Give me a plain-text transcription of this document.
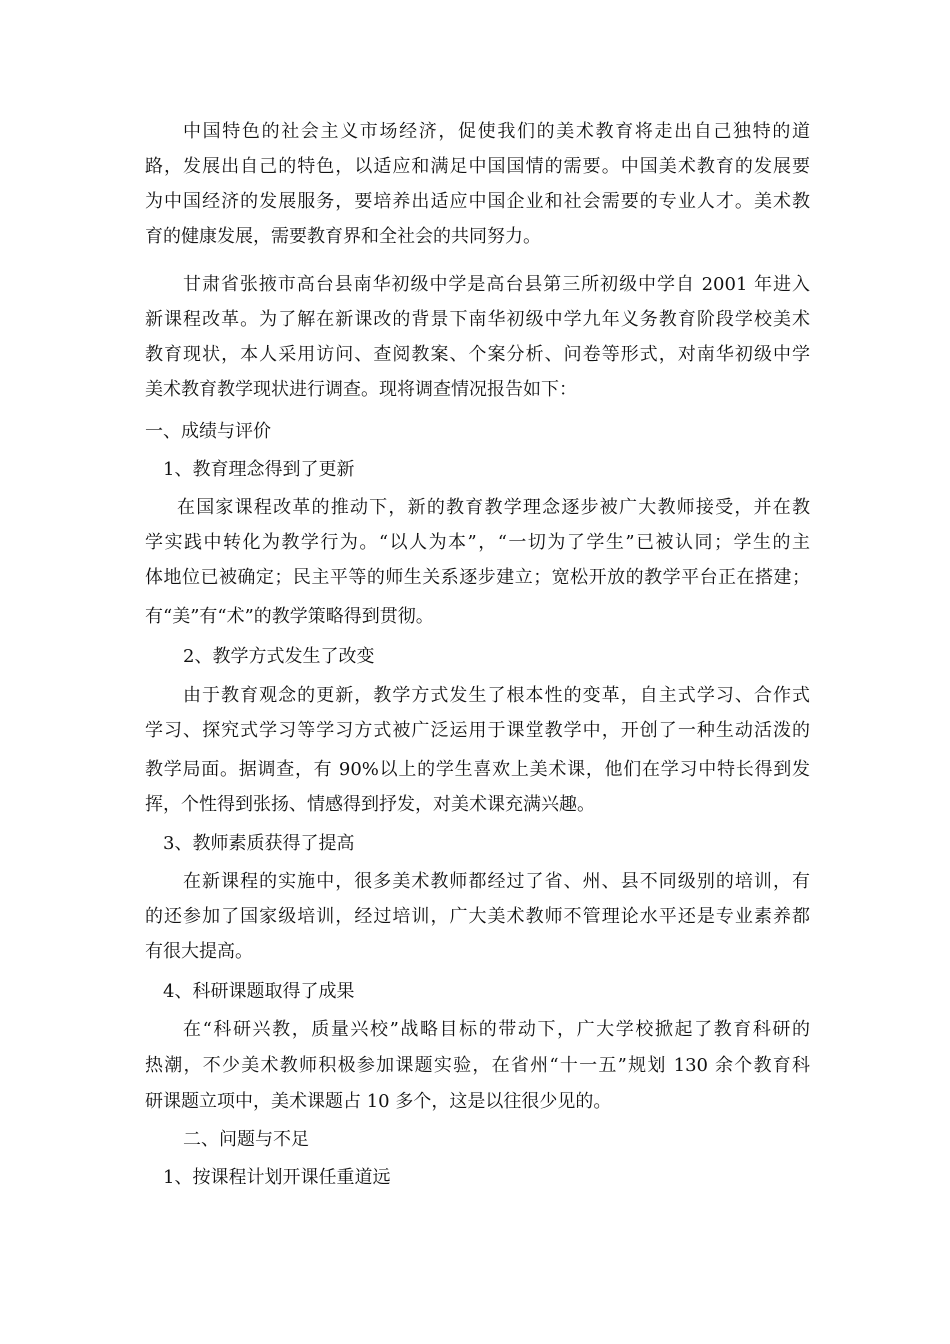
中国特色的社会主义市场经济，促使我们的美术教育将走出自己独特的道
路，发展出自己的特色，以适应和满足中国国情的需要。中国美术教育的发展要
为中国经济的发展服务，要培养出适应中国企业和社会需要的专业人才。美术教
育的健康发展，需要教育界和全社会的共同努力。
甘肃省张掖市高台县南华初级中学是高台县第三所初级中学自 2001 年进入
新课程改革。为了解在新课改的背景下南华初级中学九年义务教育阶段学校美术
教育现状，本人采用访问、查阅教案、个案分析、问卷等形式，对南华初级中学
美术教育教学现状进行调查。现将调查情况报告如下：
一、成绩与评价
1、教育理念得到了更新
在国家课程改革的推动下，新的教育教学理念逐步被广大教师接受，并在教
学实践中转化为教学行为。“以人为本”，“一切为了学生”已被认同；学生的主
体地位已被确定；民主平等的师生关系逐步建立；宽松开放的教学平台正在搭建；
有“美”有“术”的教学策略得到贯彻。
2、教学方式发生了改变
由于教育观念的更新，教学方式发生了根本性的变革，自主式学习、合作式
学习、探究式学习等学习方式被广泛运用于课堂教学中，开创了一种生动活泼的
教学局面。据调查，有 90%以上的学生喜欢上美术课，他们在学习中特长得到发
挥，个性得到张扬、情感得到抒发，对美术课充满兴趣。
3、教师素质获得了提高
在新课程的实施中，很多美术教师都经过了省、州、县不同级别的培训，有
的还参加了国家级培训，经过培训，广大美术教师不管理论水平还是专业素养都
有很大提高。
4、科研课题取得了成果
在“科研兴教，质量兴校”战略目标的带动下，广大学校掀起了教育科研的
热潮，不少美术教师积极参加课题实验，在省州“十一五”规划 130 余个教育科
研课题立项中，美术课题占 10 多个，这是以往很少见的。
二、问题与不足
1、按课程计划开课任重道远
